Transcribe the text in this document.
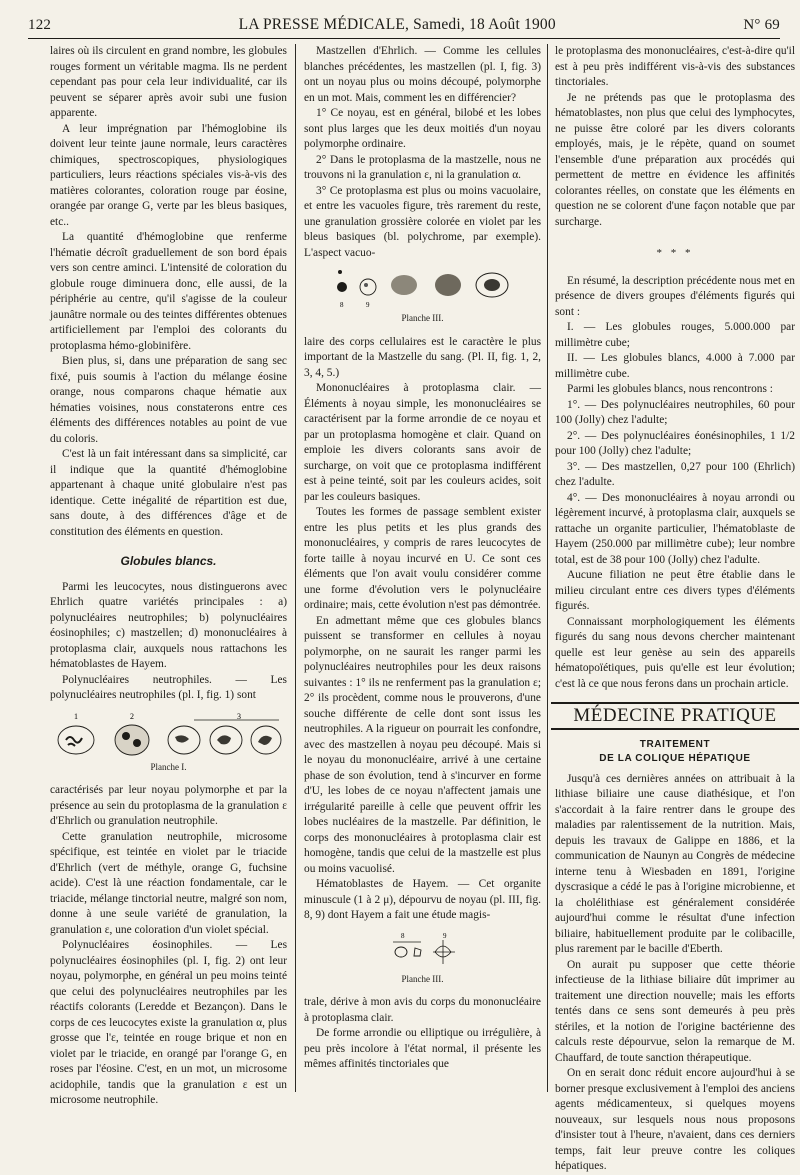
122	LA PRESSE MÉDICALE, Samedi, 18 Août 1900	N° 69

laires où ils circulent en grand nombre, les globules rouges forment un véritable magma. Ils ne perdent cependant pas pour cela leur individualité, car ils peuvent se séparer après avoir subi une fusion apparente.

A leur imprégnation par l'hémoglobine ils doivent leur teinte jaune normale, leurs caractères chimiques, spectroscopiques, physiologiques particuliers, leurs réactions spéciales vis-à-vis des matières colorantes, coloration rouge par éosine, orangée par orange G, verte par les bleus basiques, etc..

La quantité d'hémoglobine que renferme l'hématie décroît graduellement de son bord épais vers son centre aminci. L'intensité de coloration du globule rouge diminuera donc, elle aussi, de la périphérie au centre, qu'il s'agisse de la couleur jaunâtre normale ou des teintes différentes obtenues artificiellement par l'emploi des colorants du protoplasma hémo-globinifère.

Bien plus, si, dans une préparation de sang sec fixé, puis soumis à l'action du mélange éosine orange, nous comparons chaque hématie aux hématies voisines, nous constaterons entre ces éléments des différences notables au point de vue du coloris.

C'est là un fait intéressant dans sa simplicité, car il indique que la quantité d'hémoglobine appartenant à chaque unité globulaire n'est pas identique. Cette inégalité de répartition est due, sans doute, à des différences d'âge et de constitution des éléments en question.

Globules blancs.

Parmi les leucocytes, nous distinguerons avec Ehrlich quatre variétés principales : a) polynucléaires neutrophiles; b) polynucléaires éosinophiles; c) mastzellen; d) mononucléaires à protoplasma clair, auxquels nous rattachons les hématoblastes de Hayem.

Polynucléaires neutrophiles. — Les polynucléaires neutrophiles (pl. I, fig. 1) sont

1	2	3
Planche I.

caractérisés par leur noyau polymorphe et par la présence au sein du protoplasma de la granulation ε d'Ehrlich ou granulation neutrophile.

Cette granulation neutrophile, microsome spécifique, est teintée en violet par le triacide d'Ehrlich (vert de méthyle, orange G, fuchsine acide). C'est là une réaction fondamentale, car le triacide, mélange tinctorial neutre, malgré son nom, donne à une seule variété de granulation, la granulation ε, une coloration d'un violet spécial.

Polynucléaires éosinophiles. — Les polynucléaires éosinophiles (pl. I, fig. 2) ont leur noyau, polymorphe, en général un peu moins teinté que celui des polynucléaires neutrophiles par les réactifs colorants (Leredde et Bezançon). Dans le corps de ces leucocytes existe la granulation α, plus grosse que l'ε, teintée en rouge brique et non en violet par le triacide, en orangé par l'orange G, en roses par l'éosine. C'est, en un mot, un microsome acidophile, tandis que la granulation ε est un microsome neutrophile.

Mastzellen d'Ehrlich. — Comme les cellules blanches précédentes, les mastzellen (pl. I, fig. 3) ont un noyau plus ou moins découpé, polymorphe en un mot. Mais, comment les en différencier?

1° Ce noyau, est en général, bilobé et les lobes sont plus larges que les deux moitiés d'un noyau polymorphe ordinaire.

2° Dans le protoplasma de la mastzelle, nous ne trouvons ni la granulation ε, ni la granulation α.

3° Ce protoplasma est plus ou moins vacuolaire, et entre les vacuoles figure, très rarement du reste, une granulation grossière colorée en violet par les bleus basiques (bl. polychrome, par exemple). L'aspect vacuo-

8	9
Planche III.

laire des corps cellulaires est le caractère le plus important de la Mastzelle du sang. (Pl. II, fig. 1, 2, 3, 4, 5.)

Mononucléaires à protoplasma clair. — Éléments à noyau simple, les mononucléaires se caractérisent par la forme arrondie de ce noyau et par un protoplasma homogène et clair. Quand on emploie les divers colorants sans avoir de surcharge, on voit que ce protoplasma indifférent est à peine teinté, soit par les couleurs acides, soit par les couleurs basiques.

Toutes les formes de passage semblent exister entre les plus petits et les plus grands des mononucléaires, y compris de rares leucocytes de forte taille à noyau incurvé en U. Ce sont ces éléments que l'on avait voulu considérer comme une forme d'évolution vers le polynucléaire ordinaire; mais, cette évolution n'est pas démontrée.

En admettant même que ces globules blancs puissent se transformer en cellules à noyau polymorphe, on ne saurait les ranger parmi les polynucléaires neutrophiles pour les deux raisons suivantes : 1° ils ne renferment pas la granulation ε; 2° ils procèdent, comme nous le prouverons, d'une souche différente de celle dont sont issus les neutrophiles. A la rigueur on pourrait les confondre, avec des mastzellen à noyau peu découpé. Mais si le noyau du mononucléaire, arrivé à une certaine phase de son évolution, tend à s'incurver en forme d'U, les lobes de ce noyau n'affectent jamais une irrégularité pareille à celle que peuvent offrir les lobes nucléaires de la mastzelle. Par définition, le corps des mononucléaires à protoplasma clair est homogène, tandis que celui de la mastzelle est plus ou moins vacuolisé.

Hématoblastes de Hayem. — Cet organite minuscule (1 à 2 μ), dépourvu de noyau (pl. III, fig. 8, 9) dont Hayem a fait une étude magis-

8	9
Planche III.

trale, dérive à mon avis du corps du mononucléaire à protoplasma clair.

De forme arrondie ou elliptique ou irrégulière, à peu près incolore à l'état normal, il présente les mêmes affinités tinctoriales que

le protoplasma des mononucléaires, c'est-à-dire qu'il est à peu près indifférent vis-à-vis des substances tinctoriales.

Je ne prétends pas que le protoplasma des hématoblastes, non plus que celui des lymphocytes, ne puisse être coloré par les divers colorants employés, mais, je le répète, quand on soumet l'ensemble d'une préparation aux procédés qui permettent de mettre en évidence les affinités colorantes réelles, on constate que les éléments en question ne se colorent d'une façon notable que par surcharge.

* * *

En résumé, la description précédente nous met en présence de divers groupes d'éléments figurés qui sont :

I. — Les globules rouges, 5.000.000 par millimètre cube;

II. — Les globules blancs, 4.000 à 7.000 par millimètre cube.

Parmi les globules blancs, nous rencontrons :

1°. — Des polynucléaires neutrophiles, 60 pour 100 (Jolly) chez l'adulte;

2°. — Des polynucléaires éonésinophiles, 1 1/2 pour 100 (Jolly) chez l'adulte;

3°. — Des mastzellen, 0,27 pour 100 (Ehrlich) chez l'adulte.

4°. — Des mononucléaires à noyau arrondi ou légèrement incurvé, à protoplasma clair, auxquels se rattache un organite particulier, l'hématoblaste de Hayem (250.000 par millimètre cube); leur nombre total, est de 38 pour 100 (Jolly) chez l'adulte.

Aucune filiation ne peut être établie dans le milieu circulant entre ces divers types d'éléments figurés.

Connaissant morphologiquement les éléments figurés du sang nous devons chercher maintenant quelle est leur genèse au sein des appareils hématopoïétiques, puis qu'elle est leur évolution; c'est là ce que nous ferons dans un prochain article.

MÉDECINE PRATIQUE
TRAITEMENT
DE LA COLIQUE HÉPATIQUE

Jusqu'à ces dernières années on attribuait à la lithiase biliaire une cause diathésique, et l'on s'accordait à la faire rentrer dans le groupe des maladies par ralentissement de la nutrition. Mais, depuis les travaux de Galippe en 1886, et la communication de Naunyn au Congrès de médecine interne tenu à Wiesbaden en 1891, l'origine dyscrasique a cédé le pas à l'origine microbienne, et la cholélithiase est généralement considérée aujourd'hui comme le résultat d'une infection biliaire, habituellement produite par le colibacille, plus rarement par le bacille d'Eberth.

On aurait pu supposer que cette théorie infectieuse de la lithiase biliaire dût imprimer au traitement une direction nouvelle; mais les efforts tentés dans ce sens sont demeurés à peu près stériles, et la notion de l'origine bactérienne des calculs reste dépourvue, selon la remarque de M. Chauffard, de toute sanction thérapeutique.

On en serait donc réduit encore aujourd'hui à se borner presque exclusivement à l'emploi des anciens agents médicamenteux, si quelques moyens nouveaux, sur lesquels nous nous proposons d'insister tout à l'heure, n'avaient, dans ces derniers temps, fait leur preuve contre les coliques hépatiques.
